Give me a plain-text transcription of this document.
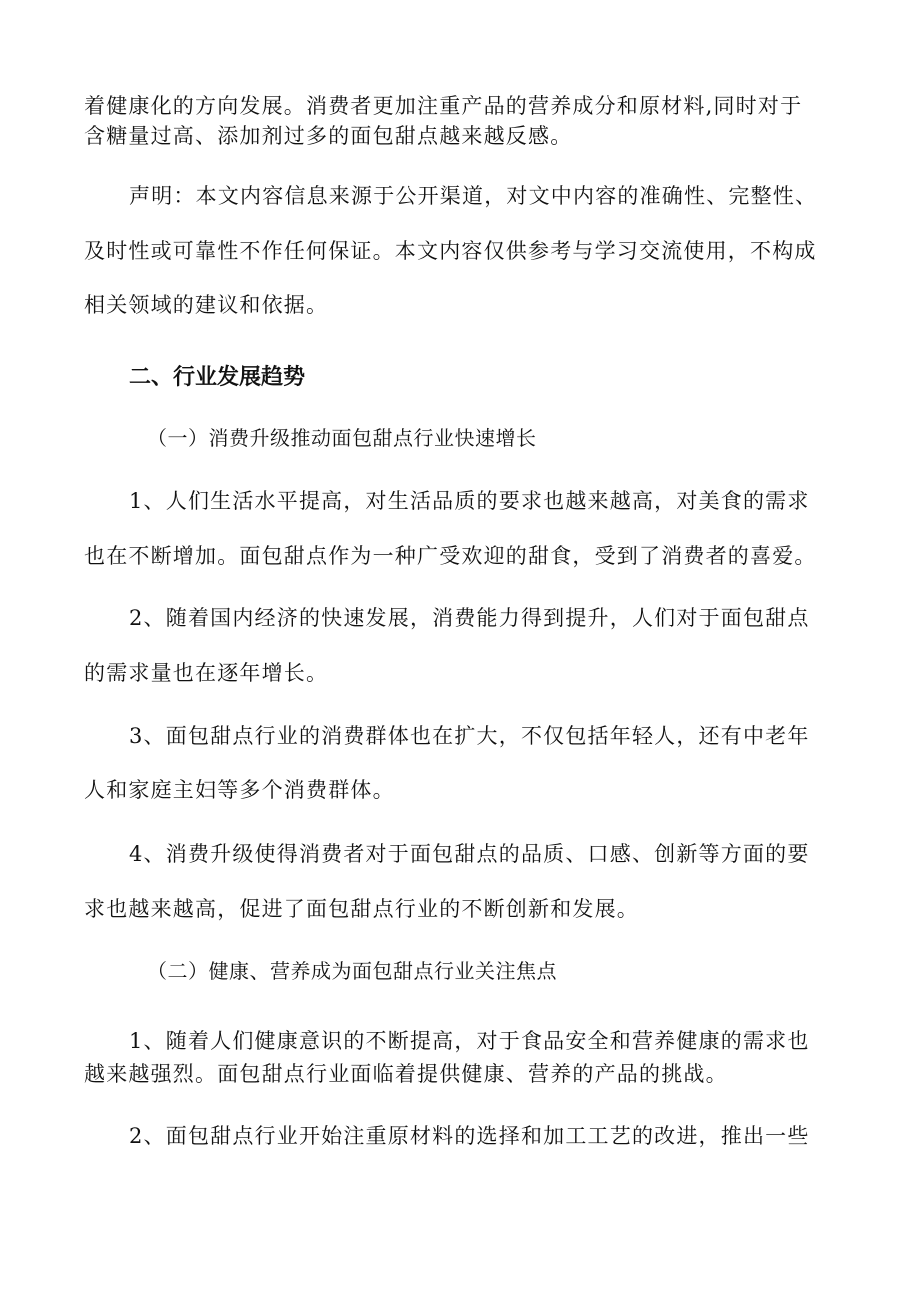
着健康化的方向发展。消费者更加注重产品的营养成分和原材料,同时对于
含糖量过高、添加剂过多的面包甜点越来越反感。
声明：本文内容信息来源于公开渠道，对文中内容的准确性、完整性、
及时性或可靠性不作任何保证。本文内容仅供参考与学习交流使用，不构成
相关领域的建议和依据。
二、行业发展趋势
（一）消费升级推动面包甜点行业快速增长
1、人们生活水平提高，对生活品质的要求也越来越高，对美食的需求
也在不断增加。面包甜点作为一种广受欢迎的甜食，受到了消费者的喜爱。
2、随着国内经济的快速发展，消费能力得到提升，人们对于面包甜点
的需求量也在逐年增长。
3、面包甜点行业的消费群体也在扩大，不仅包括年轻人，还有中老年
人和家庭主妇等多个消费群体。
4、消费升级使得消费者对于面包甜点的品质、口感、创新等方面的要
求也越来越高，促进了面包甜点行业的不断创新和发展。
（二）健康、营养成为面包甜点行业关注焦点
1、随着人们健康意识的不断提高，对于食品安全和营养健康的需求也
越来越强烈。面包甜点行业面临着提供健康、营养的产品的挑战。
2、面包甜点行业开始注重原材料的选择和加工工艺的改进，推出一些
